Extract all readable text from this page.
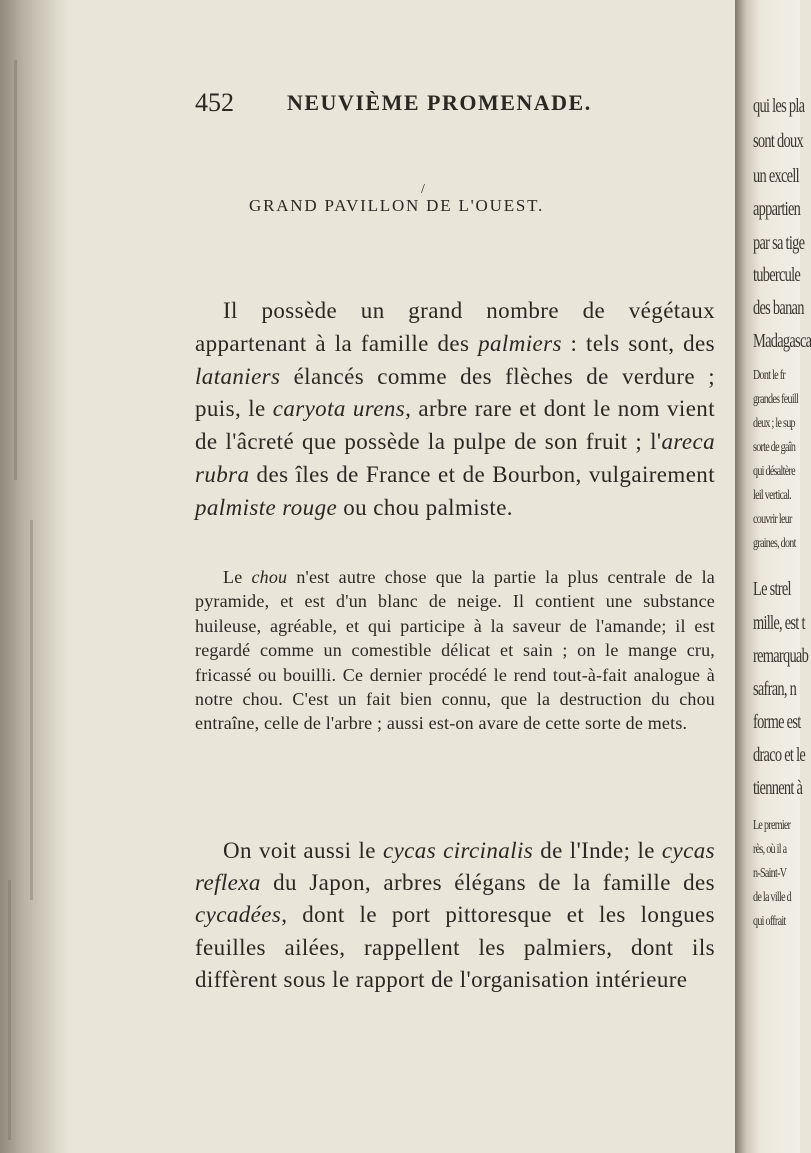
452 NEUVIÈME PROMENADE.
/
GRAND PAVILLON DE L'OUEST.

Il possède un grand nombre de végétaux appartenant à la famille des palmiers : tels sont, des lataniers élancés comme des flèches de verdure ; puis, le caryota urens, arbre rare et dont le nom vient de l'âcreté que possède la pulpe de son fruit ; l'areca rubra des îles de France et de Bourbon, vulgairement palmiste rouge ou chou palmiste.

Le chou n'est autre chose que la partie la plus centrale de la pyramide, et est d'un blanc de neige. Il contient une substance huileuse, agréable, et qui participe à la saveur de l'amande; il est regardé comme un comestible délicat et sain ; on le mange cru, fricassé ou bouilli. Ce dernier procédé le rend tout-à-fait analogue à notre chou. C'est un fait bien connu, que la destruction du chou entraîne, celle de l'arbre ; aussi est-on avare de cette sorte de mets.

On voit aussi le cycas circinalis de l'Inde; le cycas reflexa du Japon, arbres élégans de la famille des cycadées, dont le port pittoresque et les longues feuilles ailées, rappellent les palmiers, dont ils diffèrent sous le rapport de l'organisation intérieure

qui les pla
sont doux
un excell
appartien
par sa tige
tubercule
des banan
Madagasca
Dont le fr
grandes feuill
deux ; le sup
sorte de gaîn
qui désaltère
leil vertical.
couvrir leur
graines, dont
Le strel
mille, est t
remarquab
safran, n
forme est
draco et le
tiennent à
Le premier
rès, où il a
n-Saint-V
de la ville d
qui offrait
